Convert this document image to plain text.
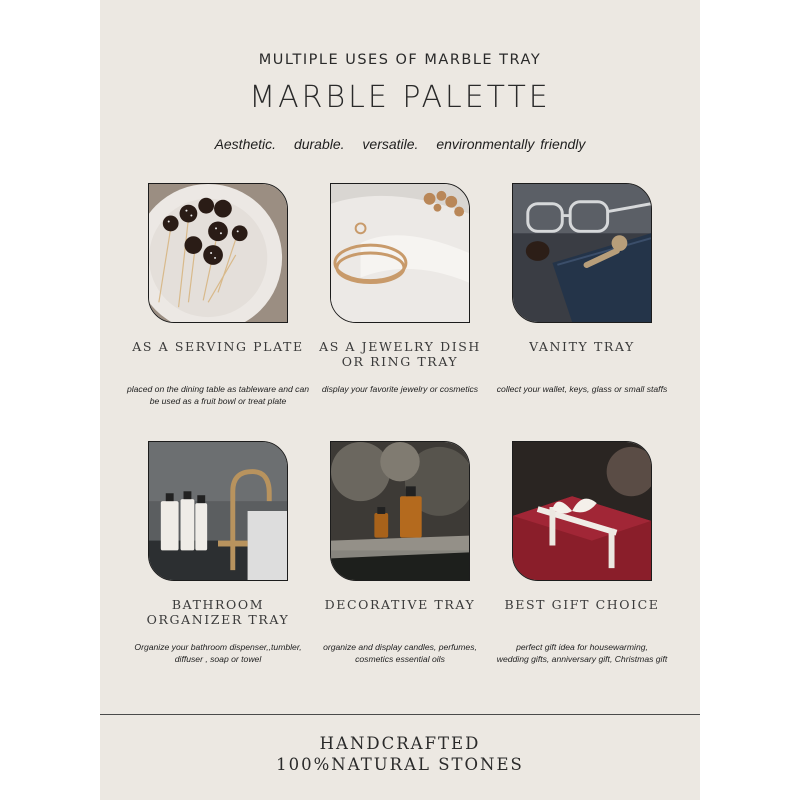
MULTIPLE USES OF MARBLE TRAY
MARBLE PALETTE
Aesthetic. durable. versatile. environmentally friendly
AS A SERVING PLATE
placed on the dining table as tableware and can
be used as a fruit bowl or treat plate
AS A JEWELRY DISH
OR RING TRAY
display your favorite jewelry or cosmetics
VANITY TRAY
collect your wallet, keys, glass or small staffs
BATHROOM
ORGANIZER TRAY
Organize your bathroom dispenser,,tumbler,
diffuser , soap or towel
DECORATIVE TRAY
organize and display candles, perfumes,
cosmetics essential oils
BEST GIFT CHOICE
perfect gift idea for housewarming,
wedding gifts, anniversary gift, Christmas gift
HANDCRAFTED
100%NATURAL STONES
